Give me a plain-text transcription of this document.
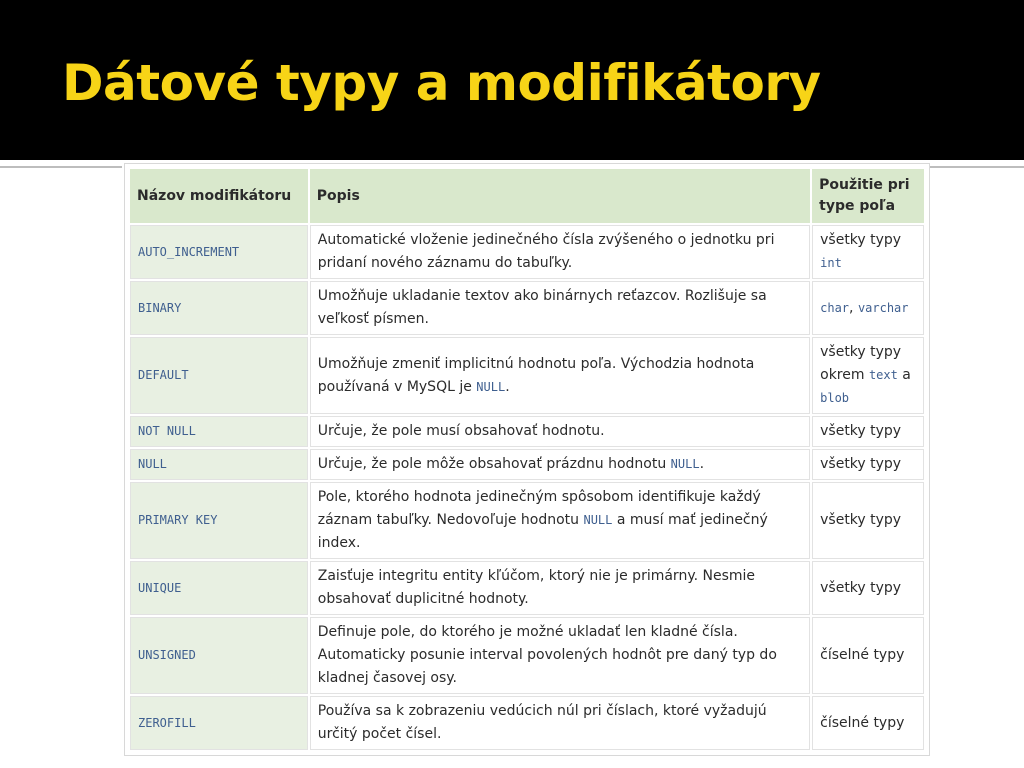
Dátové typy a modifikátory
Názov modifikátoru	Popis	Použitie pri type poľa
AUTO_INCREMENT	Automatické vloženie jedinečného čísla zvýšeného o jednotku pri pridaní nového záznamu do tabuľky.	všetky typy int
BINARY	Umožňuje ukladanie textov ako binárnych reťazcov. Rozlišuje sa veľkosť písmen.	char, varchar
DEFAULT	Umožňuje zmeniť implicitnú hodnotu poľa. Východzia hodnota používaná v MySQL je NULL.	všetky typy okrem text a blob
NOT NULL	Určuje, že pole musí obsahovať hodnotu.	všetky typy
NULL	Určuje, že pole môže obsahovať prázdnu hodnotu NULL.	všetky typy
PRIMARY KEY	Pole, ktorého hodnota jedinečným spôsobom identifikuje každý záznam tabuľky. Nedovoľuje hodnotu NULL a musí mať jedinečný index.	všetky typy
UNIQUE	Zaisťuje integritu entity kľúčom, ktorý nie je primárny. Nesmie obsahovať duplicitné hodnoty.	všetky typy
UNSIGNED	Definuje pole, do ktorého je možné ukladať len kladné čísla. Automaticky posunie interval povolených hodnôt pre daný typ do kladnej časovej osy.	číselné typy
ZEROFILL	Používa sa k zobrazeniu vedúcich núl pri číslach, ktoré vyžadujú určitý počet čísel.	číselné typy
